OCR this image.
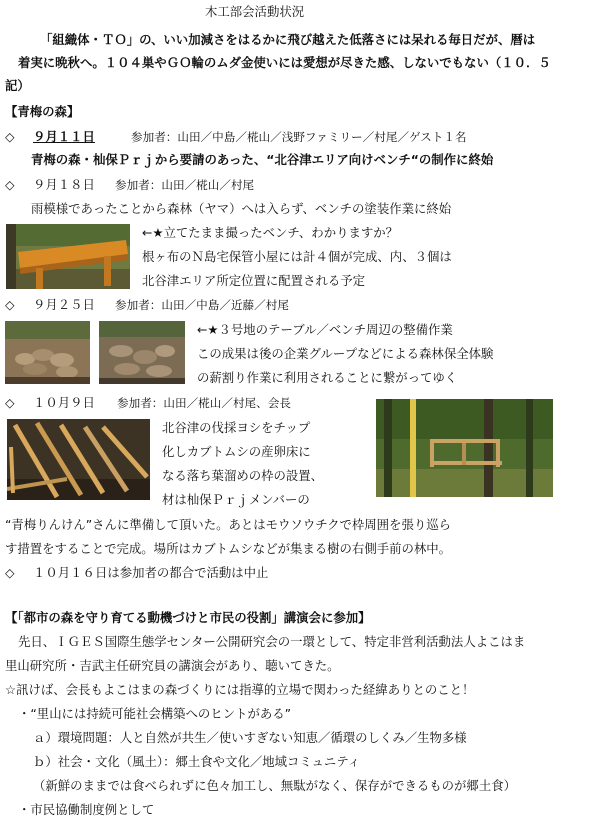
木工部会活動状況
「組織体・ＴＯ」の、いい加減さをはるかに飛び越えた低落さには呆れる毎日だが、暦は
着実に晩秋へ。１０４巣やＧＯ輪のムダ金使いには愛想が尽きた感、しないでもない（１０．５
記）
【青梅の森】
◇ ９月１１日	参加者：山田／中島／椛山／浅野ファミリー／村尾／ゲスト１名
青梅の森・杣保Ｐｒｊから要請のあった、“北谷津エリア向けベンチ“の制作に終始
◇ ９月１８日 参加者：山田／椛山／村尾
雨模様であったことから森林（ヤマ）へは入らず、ベンチの塗装作業に終始
←★立てたまま撮ったベンチ、わかりますか？
根ヶ布のＮ島宅保管小屋には計４個が完成、内、３個は
北谷津エリア所定位置に配置される予定
◇ ９月２５日 参加者：山田／中島／近藤／村尾
←★３号地のテーブル／ベンチ周辺の整備作業
この成果は後の企業グループなどによる森林保全体験
の薪割り作業に利用されることに繋がってゆく
◇ １０月９日 参加者：山田／椛山／村尾、会長
北谷津の伐採ヨシをチップ
化しカブトムシの産卵床に
なる落ち葉溜めの枠の設置、
材は杣保Ｐｒｊメンバーの
“青梅りんけん”さんに準備して頂いた。あとはモウソウチクで枠周囲を張り巡ら
す措置をすることで完成。場所はカブトムシなどが集まる樹の右側手前の林中。
◇ １０月１６日は参加者の都合で活動は中止
【「都市の森を守り育てる動機づけと市民の役割」講演会に参加】
先日、ＩＧＥＳ国際生態学センター公開研究会の一環として、特定非営利活動法人よこはま
里山研究所・吉武主任研究員の講演会があり、聴いてきた。
☆訊けば、会長もよこはまの森づくりには指導的立場で関わった経緯ありとのこと！
・“里山には持続可能社会構築へのヒントがある”
ａ）環境問題：人と自然が共生／使いすぎない知恵／循環のしくみ／生物多様
ｂ）社会・文化（風土）：郷土食や文化／地域コミュニティ
（新鮮のままでは食べられずに色々加工し、無駄がなく、保存ができるものが郷土食）
・市民協働制度例として
